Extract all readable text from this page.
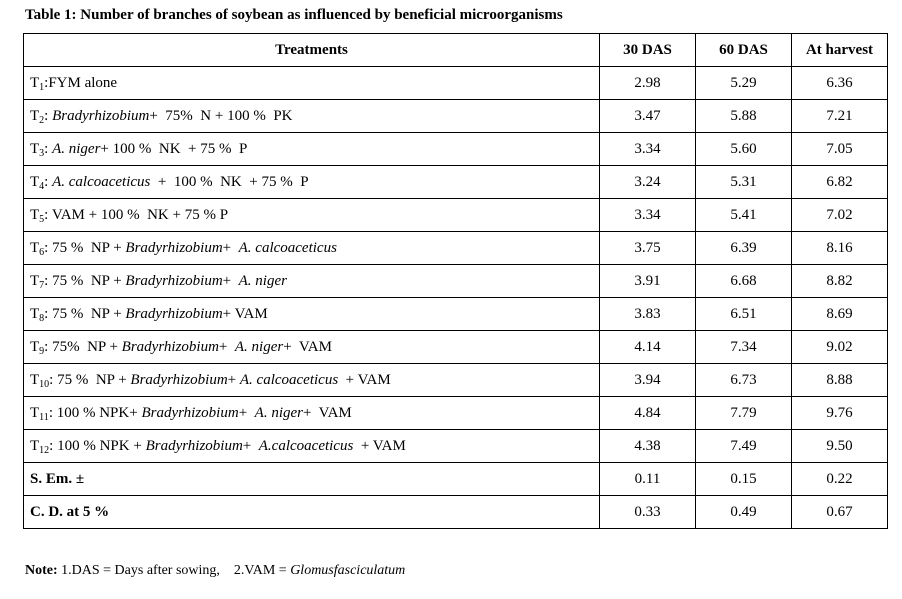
Table 1: Number of branches of soybean as influenced by beneficial microorganisms
Treatments	30 DAS	60 DAS	At harvest
$T_1:FYM$ alone	2.98	5.29	6.36
$T_2$: Bradyrhizobium+  75%  N + 100 %  PK	3.47	5.88	7.21
$T_3$: A. niger+ 100 %  NK  + 75 %  P	3.34	5.60	7.05
$T_4$: A. calcoaceticus  +  100 %  NK  + 75 %  P	3.24	5.31	6.82
$T_5$: VAM + 100 %  NK + 75 % P	3.34	5.41	7.02
$T_6$: 75 %  NP + Bradyrhizobium+  A. calcoaceticus	3.75	6.39	8.16
$T_7$: 75 %  NP + Bradyrhizobium+  A. niger	3.91	6.68	8.82
$T_8$: 75 %  NP + Bradyrhizobium+ VAM	3.83	6.51	8.69
$T_9$: 75%  NP + Bradyrhizobium+  A. niger+  VAM	4.14	7.34	9.02
$T_{10}$: 75 %  NP + Bradyrhizobium+ A. calcoaceticus  + VAM	3.94	6.73	8.88
$T_{11}$: 100 % NPK+ Bradyrhizobium+  A. niger+  VAM	4.84	7.79	9.76
$T_{12}$: 100 % NPK + Bradyrhizobium+  A.calcoaceticus  + VAM	4.38	7.49	9.50
S. Em. ±	0.11	0.15	0.22
C. D. at 5 %	0.33	0.49	0.67
Note: 1.DAS = Days after sowing, 2.VAM = Glomusfasciculatum
